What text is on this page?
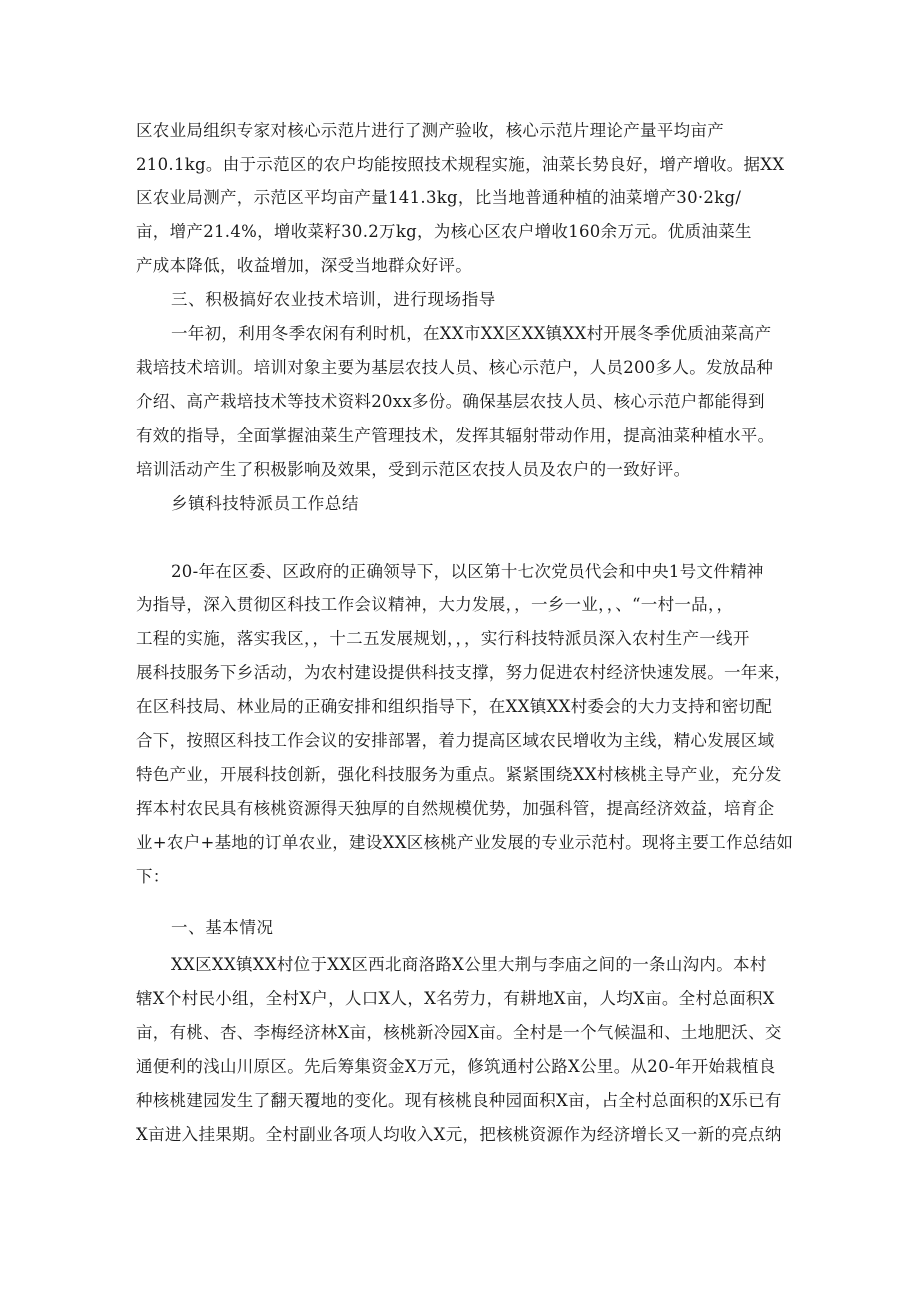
区农业局组织专家对核心示范片进行了测产验收，核心示范片理论产量平均亩产
210.1kg。由于示范区的农户均能按照技术规程实施，油菜长势良好，增产增收。据XX
区农业局测产，示范区平均亩产量141.3kg，比当地普通种植的油菜增产30·2kg/
亩，增产21.4%，增收菜籽30.2万kg，为核心区农户增收160余万元。优质油菜生
产成本降低，收益增加，深受当地群众好评。
三、积极搞好农业技术培训，进行现场指导
一年初，利用冬季农闲有利时机，在XX市XX区XX镇XX村开展冬季优质油菜高产
栽培技术培训。培训对象主要为基层农技人员、核心示范户，人员200多人。发放品种
介绍、高产栽培技术等技术资料20xx多份。确保基层农技人员、核心示范户都能得到
有效的指导，全面掌握油菜生产管理技术，发挥其辐射带动作用，提高油菜种植水平。
培训活动产生了积极影响及效果，受到示范区农技人员及农户的一致好评。
乡镇科技特派员工作总结
20-年在区委、区政府的正确领导下，以区第十七次党员代会和中央1号文件精神
为指导，深入贯彻区科技工作会议精神，大力发展，，一乡一业，，、“一村一品，，
工程的实施，落实我区，，十二五发展规划，，，实行科技特派员深入农村生产一线开
展科技服务下乡活动，为农村建设提供科技支撑，努力促进农村经济快速发展。一年来，
在区科技局、林业局的正确安排和组织指导下，在XX镇XX村委会的大力支持和密切配
合下，按照区科技工作会议的安排部署，着力提高区域农民增收为主线，精心发展区域
特色产业，开展科技创新，强化科技服务为重点。紧紧围绕XX村核桃主导产业，充分发
挥本村农民具有核桃资源得天独厚的自然规模优势，加强科管，提高经济效益，培育企
业+农户+基地的订单农业，建设XX区核桃产业发展的专业示范村。现将主要工作总结如
下：
一、基本情况
XX区XX镇XX村位于XX区西北商洛路X公里大荆与李庙之间的一条山沟内。本村
辖X个村民小组，全村X户，人口X人，X名劳力，有耕地X亩，人均X亩。全村总面积X
亩，有桃、杏、李梅经济林X亩，核桃新冷园X亩。全村是一个气候温和、土地肥沃、交
通便利的浅山川原区。先后筹集资金X万元，修筑通村公路X公里。从20-年开始栽植良
种核桃建园发生了翻天覆地的变化。现有核桃良种园面积X亩，占全村总面积的X乐已有
X亩进入挂果期。全村副业各项人均收入X元，把核桃资源作为经济增长又一新的亮点纳
